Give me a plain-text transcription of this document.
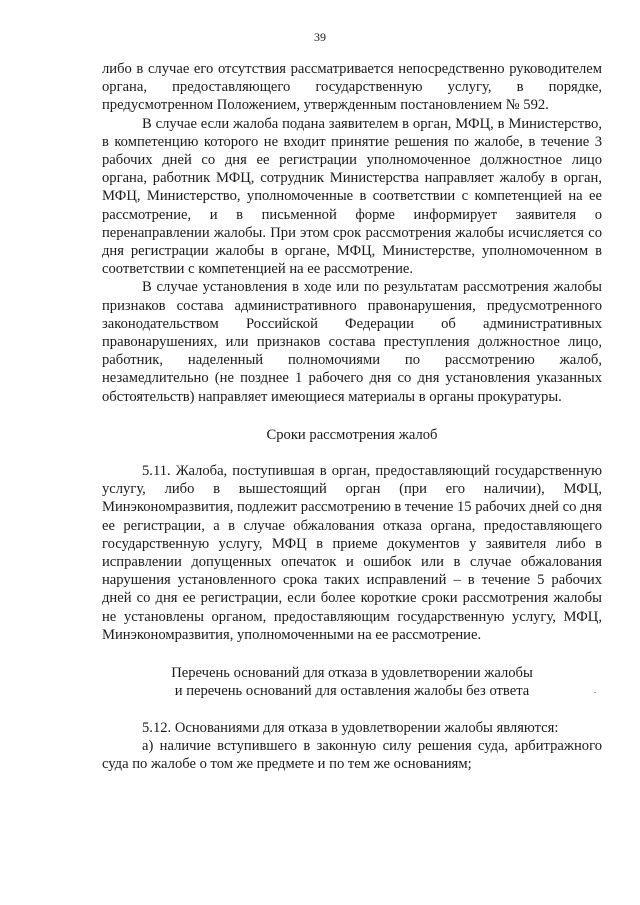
39

либо в случае его отсутствия рассматривается непосредственно руководителем органа, предоставляющего государственную услугу, в порядке, предусмотренном Положением, утвержденным постановлением № 592.

В случае если жалоба подана заявителем в орган, МФЦ, в Министерство, в компетенцию которого не входит принятие решения по жалобе, в течение 3 рабочих дней со дня ее регистрации уполномоченное должностное лицо органа, работник МФЦ, сотрудник Министерства направляет жалобу в орган, МФЦ, Министерство, уполномоченные в соответствии с компетенцией на ее рассмотрение, и в письменной форме информирует заявителя о перенаправлении жалобы. При этом срок рассмотрения жалобы исчисляется со дня регистрации жалобы в органе, МФЦ, Министерстве, уполномоченном в соответствии с компетенцией на ее рассмотрение.

В случае установления в ходе или по результатам рассмотрения жалобы признаков состава административного правонарушения, предусмотренного законодательством Российской Федерации об административных правонарушениях, или признаков состава преступления должностное лицо, работник, наделенный полномочиями по рассмотрению жалоб, незамедлительно (не позднее 1 рабочего дня со дня установления указанных обстоятельств) направляет имеющиеся материалы в органы прокуратуры.

Сроки рассмотрения жалоб

5.11. Жалоба, поступившая в орган, предоставляющий государственную услугу, либо в вышестоящий орган (при его наличии), МФЦ, Минэкономразвития, подлежит рассмотрению в течение 15 рабочих дней со дня ее регистрации, а в случае обжалования отказа органа, предоставляющего государственную услугу, МФЦ в приеме документов у заявителя либо в исправлении допущенных опечаток и ошибок или в случае обжалования нарушения установленного срока таких исправлений – в течение 5 рабочих дней со дня ее регистрации, если более короткие сроки рассмотрения жалобы не установлены органом, предоставляющим государственную услугу, МФЦ, Минэкономразвития, уполномоченными на ее рассмотрение.

Перечень оснований для отказа в удовлетворении жалобы

и перечень оснований для оставления жалобы без ответа

5.12. Основаниями для отказа в удовлетворении жалобы являются:

а) наличие вступившего в законную силу решения суда, арбитражного суда по жалобе о том же предмете и по тем же основаниям;
